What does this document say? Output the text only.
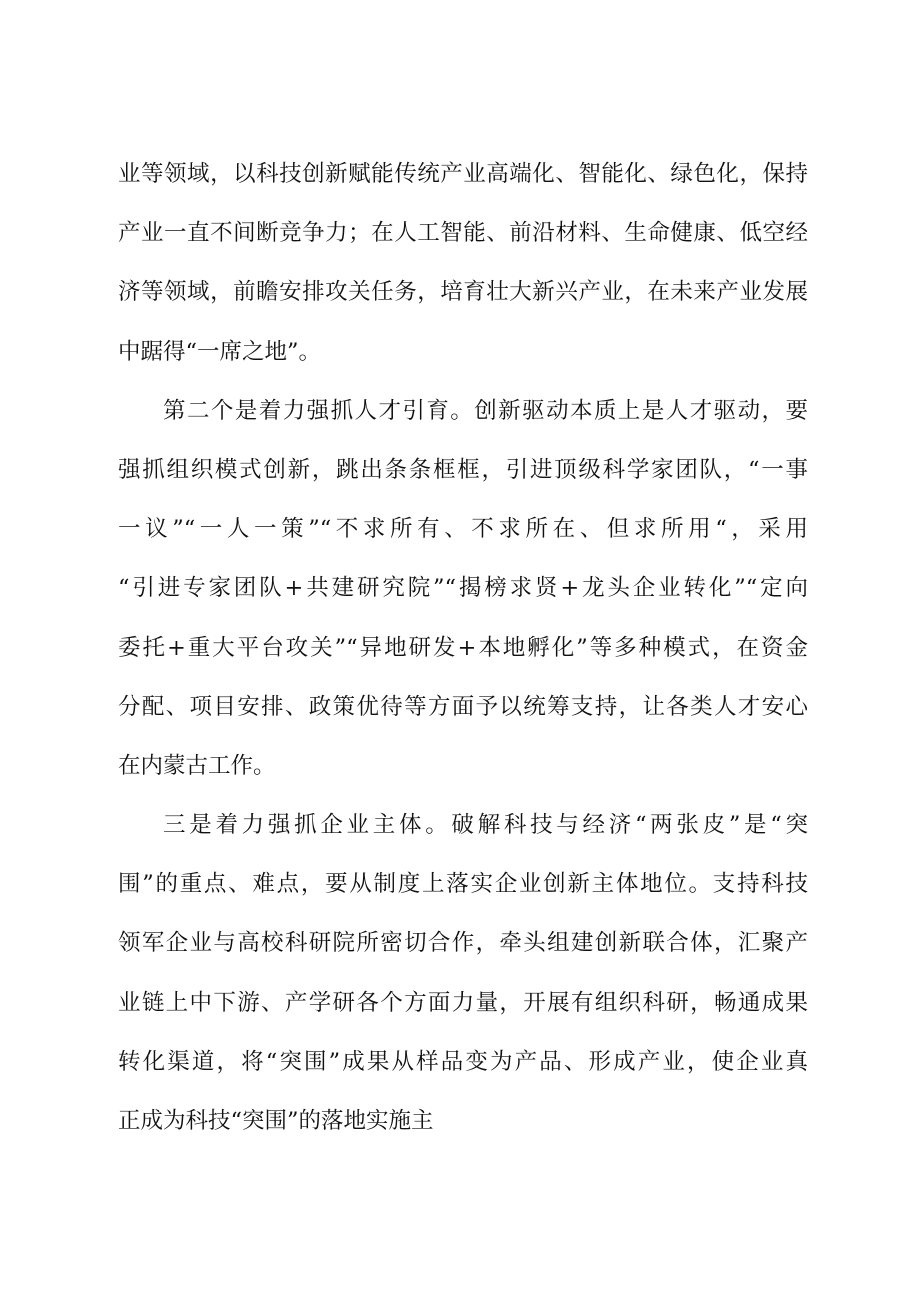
业等领域，以科技创新赋能传统产业高端化、智能化、绿色化，保持
产业一直不间断竞争力；在人工智能、前沿材料、生命健康、低空经
济等领域，前瞻安排攻关任务，培育壮大新兴产业，在未来产业发展
中踞得“一席之地”。
第二个是着力强抓人才引育。创新驱动本质上是人才驱动，要
强抓组织模式创新，跳出条条框框，引进顶级科学家团队，“一事
一议”“一人一策”“不求所有、不求所在、但求所用“，采用
“引进专家团队+共建研究院”“揭榜求贤+龙头企业转化”“定向
委托+重大平台攻关”“异地研发+本地孵化”等多种模式，在资金
分配、项目安排、政策优待等方面予以统筹支持，让各类人才安心
在内蒙古工作。
三是着力强抓企业主体。破解科技与经济“两张皮”是“突
围”的重点、难点，要从制度上落实企业创新主体地位。支持科技
领军企业与高校科研院所密切合作，牵头组建创新联合体，汇聚产
业链上中下游、产学研各个方面力量，开展有组织科研，畅通成果
转化渠道，将“突围”成果从样品变为产品、形成产业，使企业真
正成为科技“突围”的落地实施主
